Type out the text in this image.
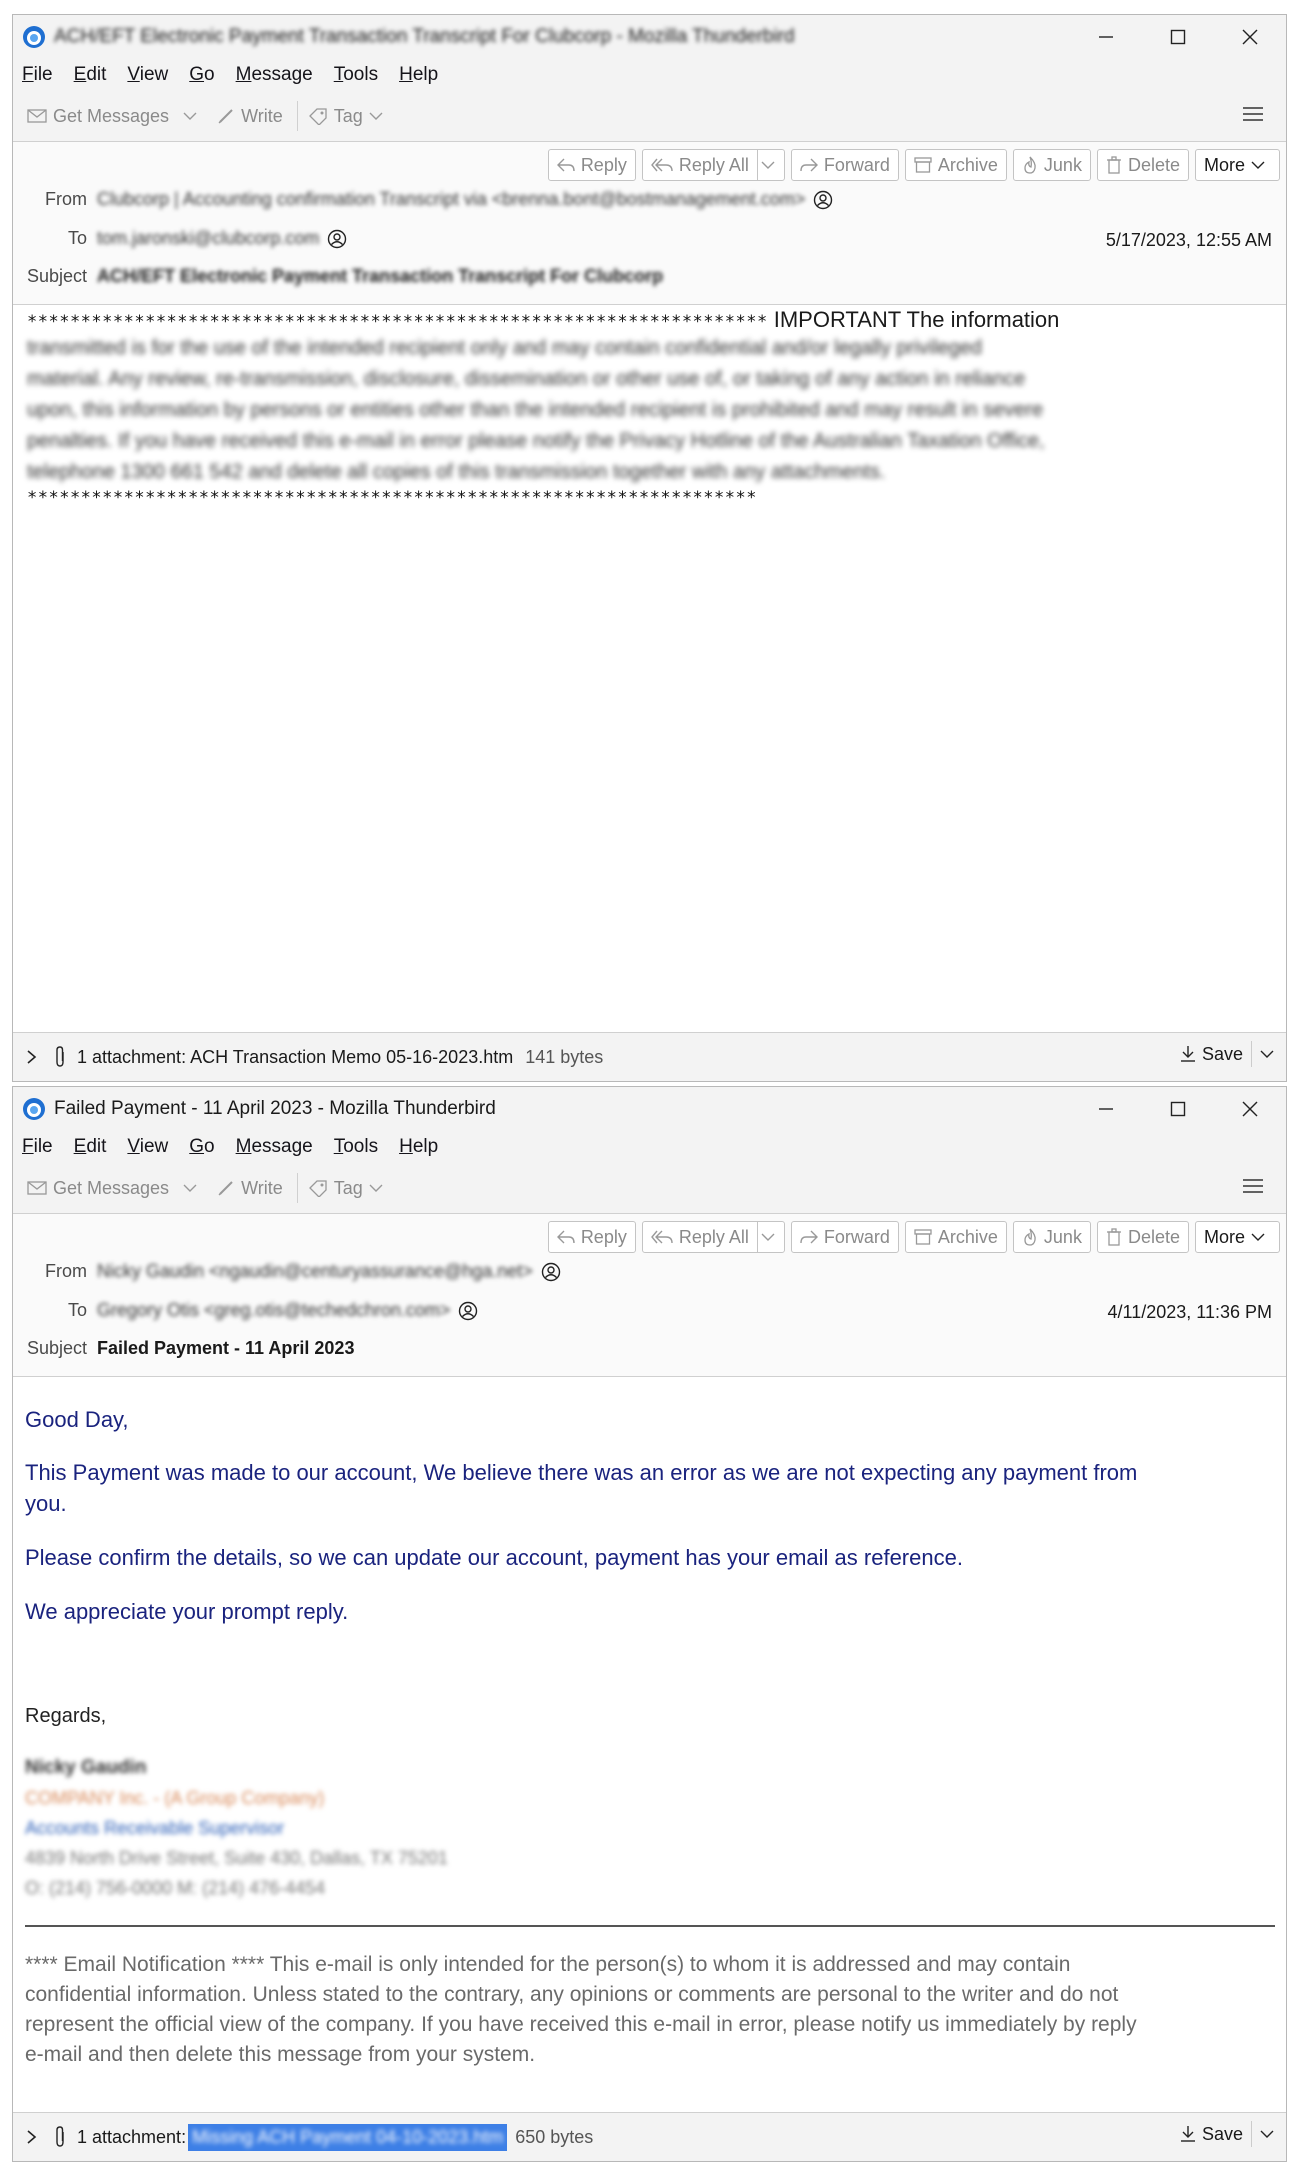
ACH/EFT Electronic Payment Transaction Transcript For Clubcorp - Mozilla Thunderbird
File Edit View Go Message Tools Help
Get Messages	Write	Tag
Reply	Reply All	Forward	Archive	Junk	Delete More
From Clubcorp | Accounting confirmation Transcript via <brenna.bont@bostmanagement.com>
To tom.jaronski@clubcorp.com	5/17/2023, 12:55 AM
Subject ACH/EFT Electronic Payment Transaction Transcript For Clubcorp
********************************************************************* IMPORTANT The information
transmitted is for the use of the intended recipient only and may contain confidential and/or legally privileged
material. Any review, re-transmission, disclosure, dissemination or other use of, or taking of any action in reliance
upon, this information by persons or entities other than the intended recipient is prohibited and may result in severe
penalties. If you have received this e-mail in error please notify the Privacy Hotline of the Australian Taxation Office,
telephone 1300 661 542 and delete all copies of this transmission together with any attachments.
********************************************************************
1 attachment: ACH Transaction Memo 05-16-2023.htm 141 bytes	Save
Failed Payment - 11 April 2023 - Mozilla Thunderbird
File Edit View Go Message Tools Help
Get Messages	Write	Tag
Reply	Reply All	Forward	Archive	Junk	Delete More
From Nicky Gaudin <ngaudin@centuryassurance@hga.net>
To Gregory Otis <greg.otis@techedchron.com>	4/11/2023, 11:36 PM
Subject Failed Payment - 11 April 2023
Good Day,
This Payment was made to our account, We believe there was an error as we are not expecting any payment from
you.
Please confirm the details, so we can update our account, payment has your email as reference.
We appreciate your prompt reply.
Regards,
Nicky Gaudin
COMPANY Inc. - (A Group Company)
Accounts Receivable Supervisor
4839 North Drive Street, Suite 430, Dallas, TX 75201
O: (214) 756-0000 M: (214) 476-4454
**** Email Notification **** This e-mail is only intended for the person(s) to whom it is addressed and may contain
confidential information. Unless stated to the contrary, any opinions or comments are personal to the writer and do not
represent the official view of the company. If you have received this e-mail in error, please notify us immediately by reply
e-mail and then delete this message from your system.
1 attachment: Missing ACH Payment 04-10-2023.htm 650 bytes	Save
